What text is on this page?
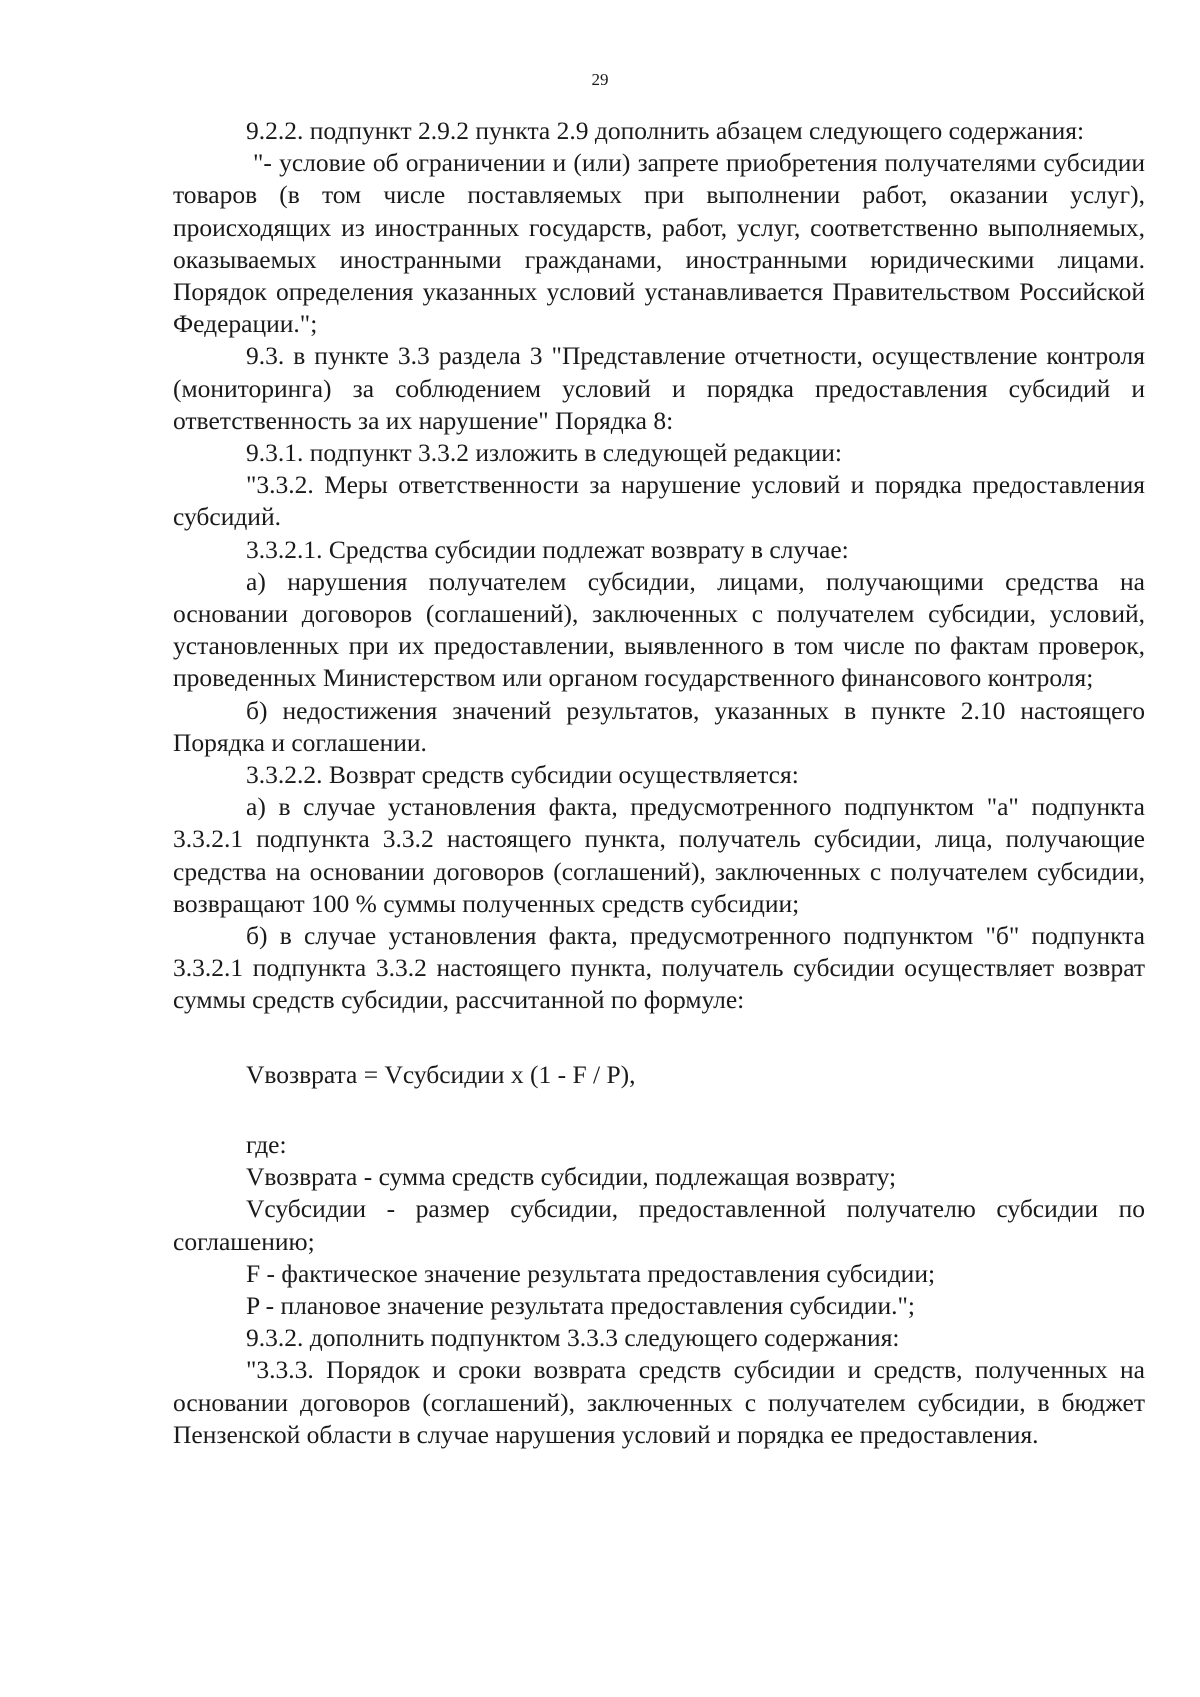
29

9.2.2. подпункт 2.9.2 пункта 2.9 дополнить абзацем следующего содержания:

"- условие об ограничении и (или) запрете приобретения получателями субсидии товаров (в том числе поставляемых при выполнении работ, оказании услуг), происходящих из иностранных государств, работ, услуг, соответственно выполняемых, оказываемых иностранными гражданами, иностранными юридическими лицами. Порядок определения указанных условий устанавливается Правительством Российской Федерации.";

9.3. в пункте 3.3 раздела 3 "Представление отчетности, осуществление контроля (мониторинга) за соблюдением условий и порядка предоставления субсидий и ответственность за их нарушение" Порядка 8:

9.3.1. подпункт 3.3.2 изложить в следующей редакции:

"3.3.2. Меры ответственности за нарушение условий и порядка предоставления субсидий.

3.3.2.1. Средства субсидии подлежат возврату в случае:

а) нарушения получателем субсидии, лицами, получающими средства на основании договоров (соглашений), заключенных с получателем субсидии, условий, установленных при их предоставлении, выявленного в том числе по фактам проверок, проведенных Министерством или органом государственного финансового контроля;

б) недостижения значений результатов, указанных в пункте 2.10 настоящего Порядка и соглашении.

3.3.2.2. Возврат средств субсидии осуществляется:

а) в случае установления факта, предусмотренного подпунктом "а" подпункта 3.3.2.1 подпункта 3.3.2 настоящего пункта, получатель субсидии, лица, получающие средства на основании договоров (соглашений), заключенных с получателем субсидии, возвращают 100 % суммы полученных средств субсидии;

б) в случае установления факта, предусмотренного подпунктом "б" подпункта 3.3.2.1 подпункта 3.3.2 настоящего пункта, получатель субсидии осуществляет возврат суммы средств субсидии, рассчитанной по формуле:

Vвозврата = Vсубсидии x (1 - F / P),

где:

Vвозврата - сумма средств субсидии, подлежащая возврату;

Vсубсидии - размер субсидии, предоставленной получателю субсидии по соглашению;

F - фактическое значение результата предоставления субсидии;

P - плановое значение результата предоставления субсидии.";

9.3.2. дополнить подпунктом 3.3.3 следующего содержания:

"3.3.3. Порядок и сроки возврата средств субсидии и средств, полученных на основании договоров (соглашений), заключенных с получателем субсидии, в бюджет Пензенской области в случае нарушения условий и порядка ее предоставления.
